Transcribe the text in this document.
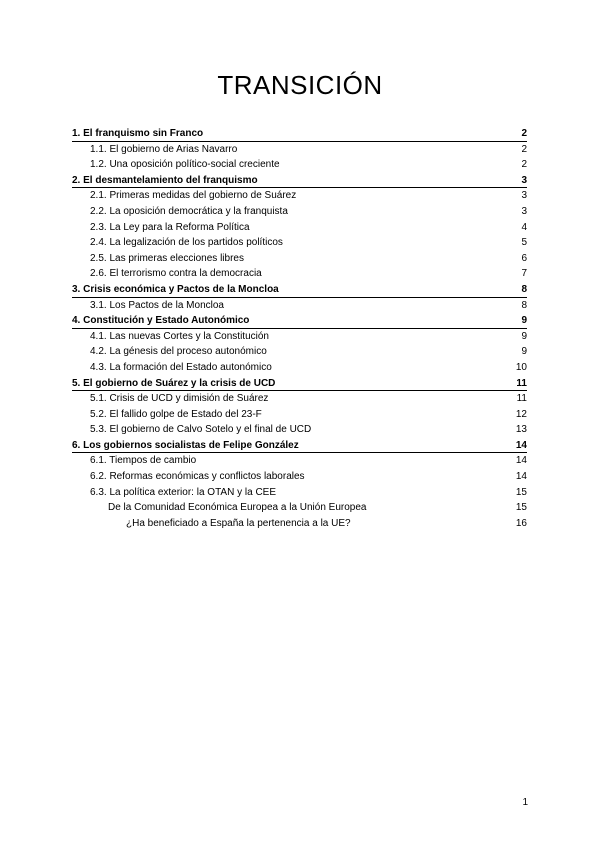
TRANSICIÓN
1. El franquismo sin Franco	2
1.1. El gobierno de Arias Navarro	2
1.2. Una oposición político-social creciente	2
2. El desmantelamiento del franquismo	3
2.1. Primeras medidas del gobierno de Suárez	3
2.2. La oposición democrática y la franquista	3
2.3. La Ley para la Reforma Política	4
2.4. La legalización de los partidos políticos	5
2.5. Las primeras elecciones libres	6
2.6. El terrorismo contra la democracia	7
3. Crisis económica y Pactos de la Moncloa	8
3.1. Los Pactos de la Moncloa	8
4. Constitución y Estado Autonómico	9
4.1. Las nuevas Cortes y la Constitución	9
4.2. La génesis del proceso autonómico	9
4.3. La formación del Estado autonómico	10
5. El gobierno de Suárez y la crisis de UCD	11
5.1. Crisis de UCD y dimisión de Suárez	11
5.2. El fallido golpe de Estado del 23-F	12
5.3. El gobierno de Calvo Sotelo y el final de UCD	13
6. Los gobiernos socialistas de Felipe González	14
6.1. Tiempos de cambio	14
6.2. Reformas económicas y conflictos laborales	14
6.3. La política exterior: la OTAN y la CEE	15
De la Comunidad Económica Europea a la Unión Europea	15
¿Ha beneficiado a España la pertenencia a la UE?	16
1
